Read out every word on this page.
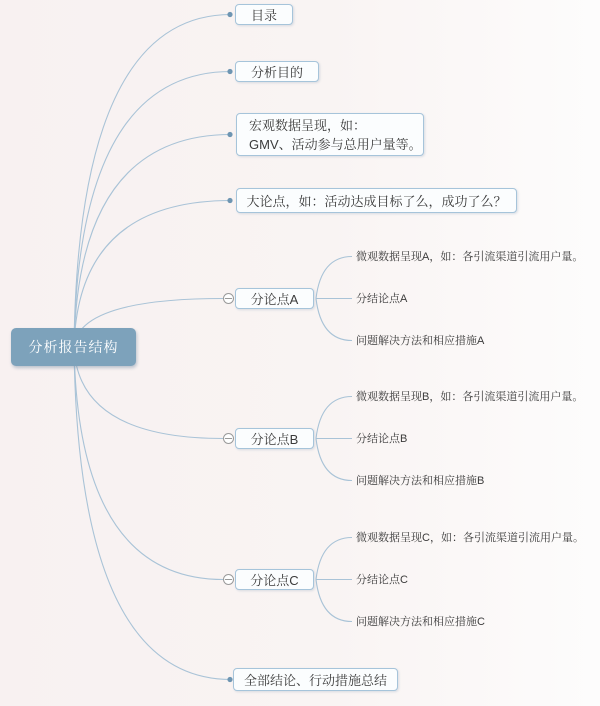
分析报告结构
目录
分析目的
宏观数据呈现，如：
GMV、活动参与总用户量等。
大论点，如：活动达成目标了么，成功了么？
微观数据呈现A，如：各引流渠道引流用户量。
分结论点A
问题解决方法和相应措施A
分论点A
微观数据呈现B，如：各引流渠道引流用户量。
分结论点B
问题解决方法和相应措施B
分论点B
微观数据呈现C，如：各引流渠道引流用户量。
分结论点C
问题解决方法和相应措施C
分论点C
全部结论、行动措施总结
